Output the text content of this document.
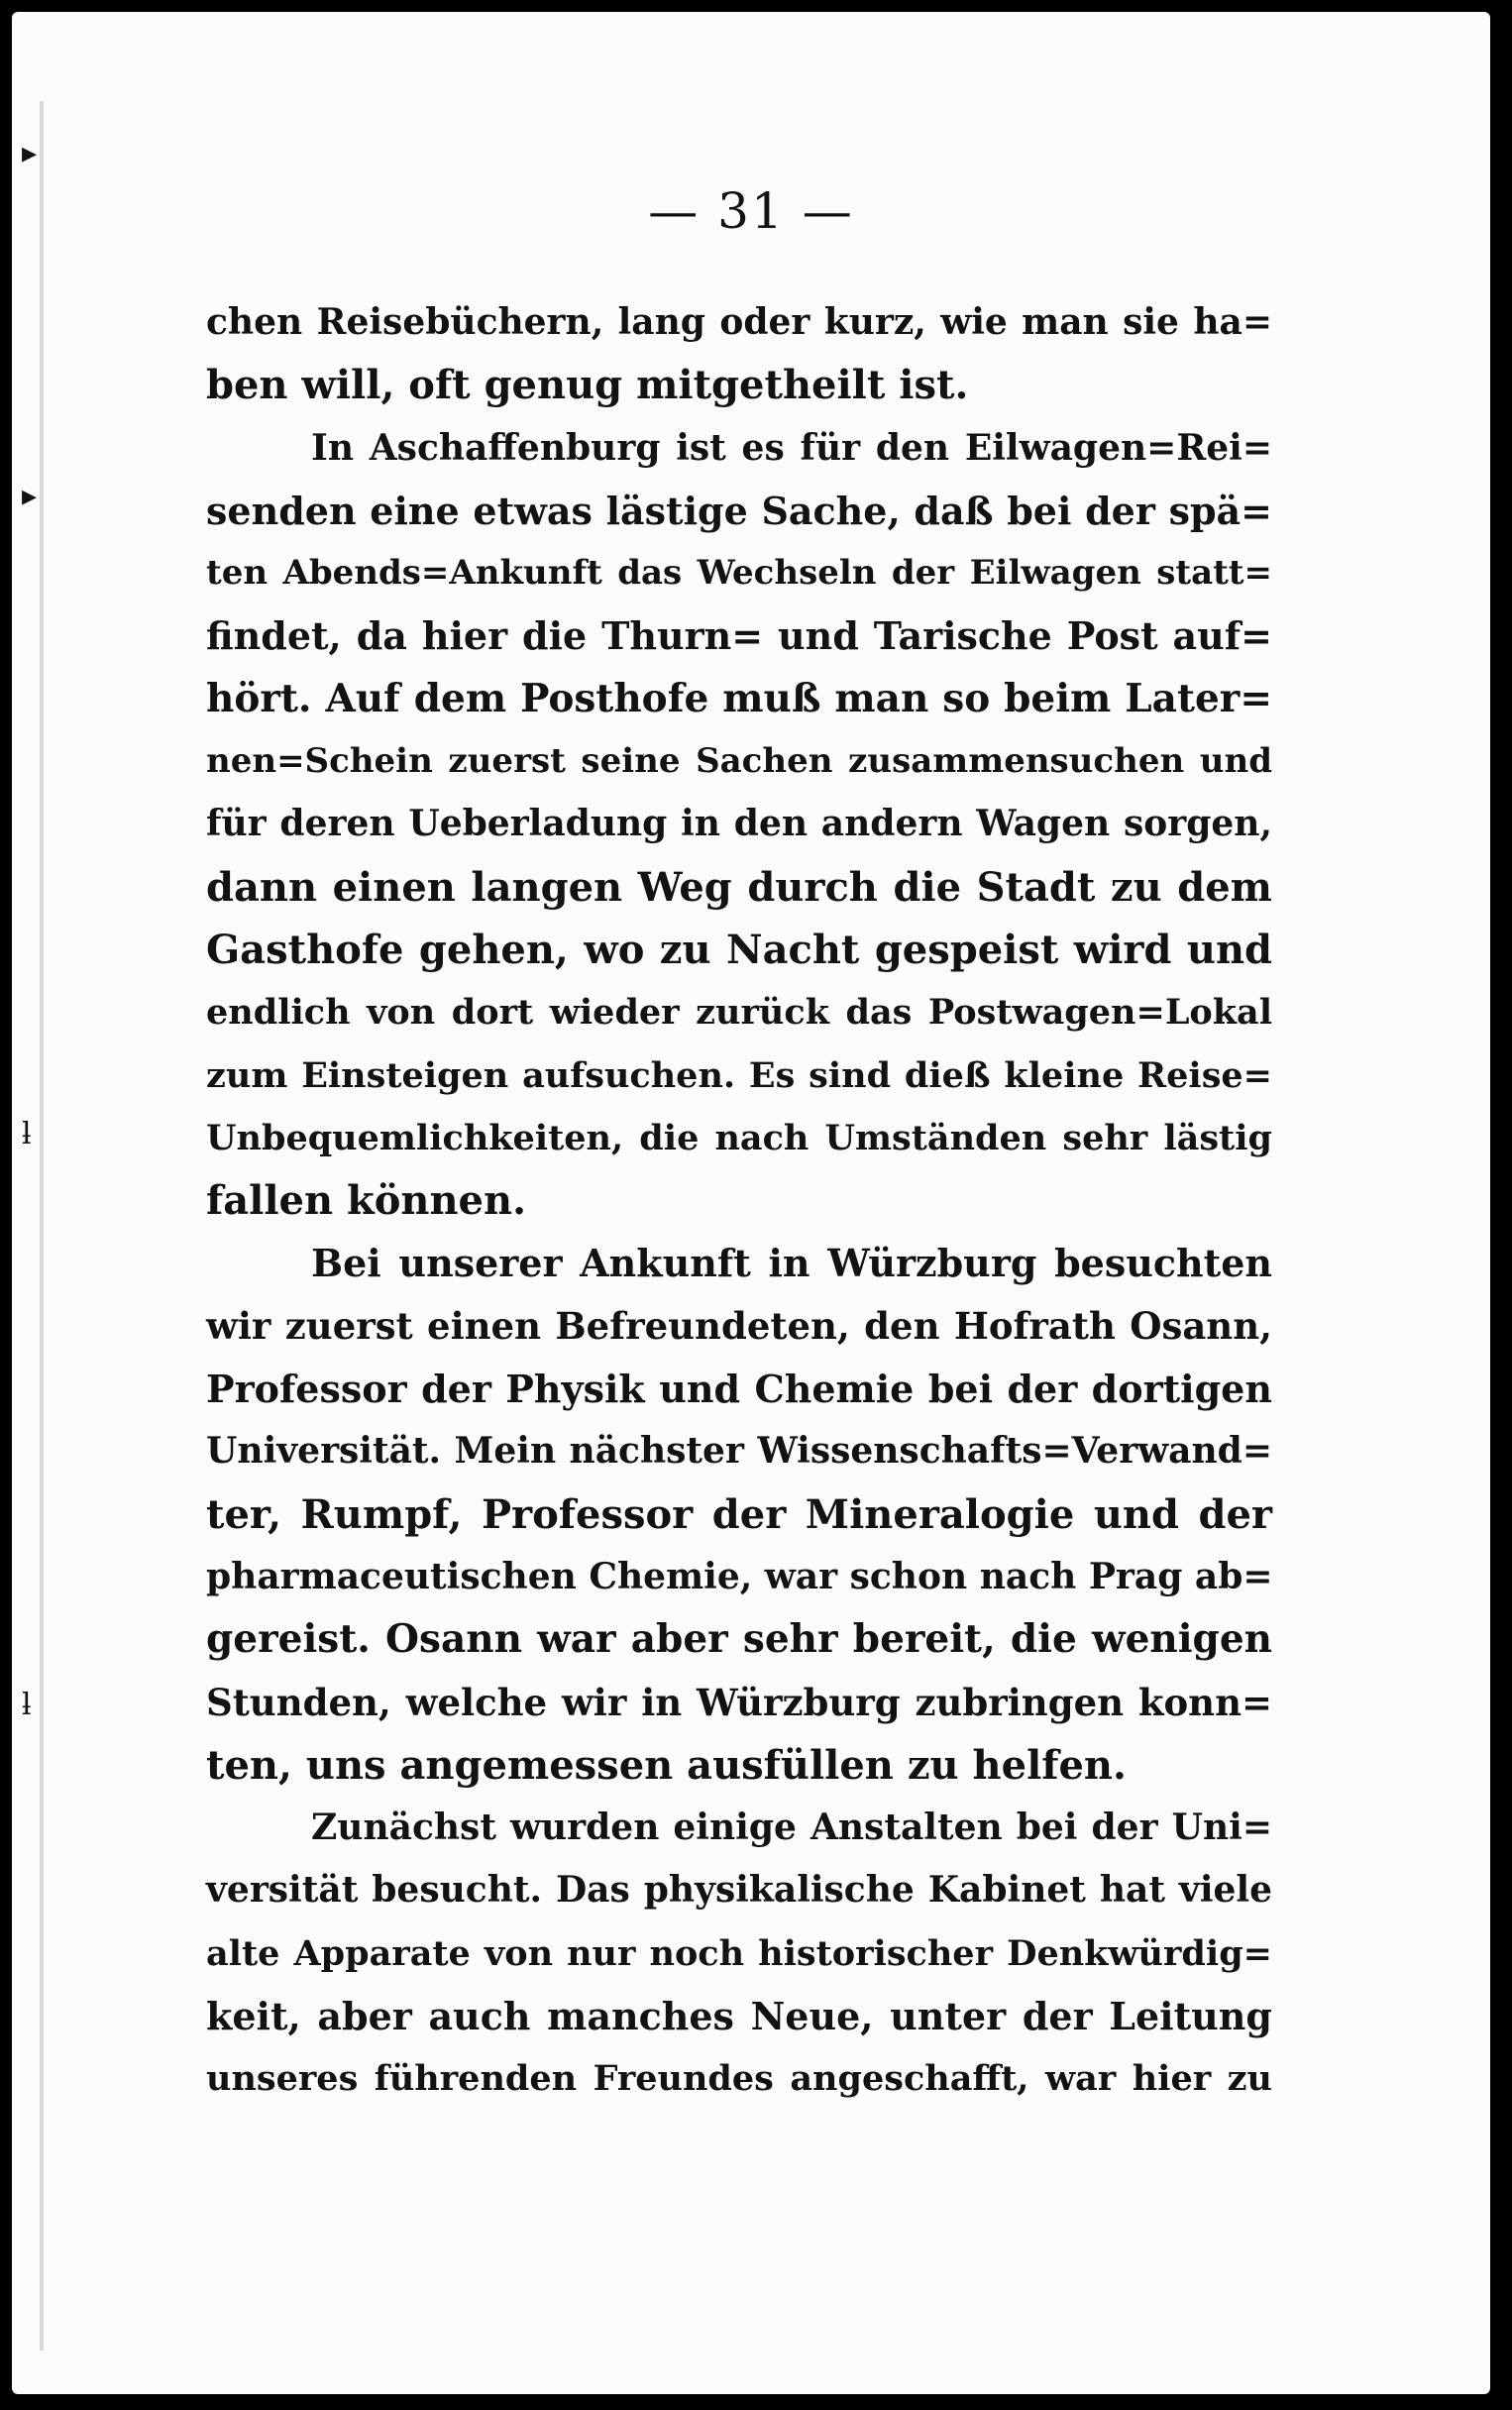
▸
▸
ƚ
ƚ
— 31 —
chen Reisebüchern, lang oder kurz, wie man sie ha=
ben will, oft genug mitgetheilt ist.
In Aschaffenburg ist es für den Eilwagen=Rei=
senden eine etwas lästige Sache, daß bei der spä=
ten Abends=Ankunft das Wechseln der Eilwagen statt=
findet, da hier die Thurn= und Tarische Post auf=
hört. Auf dem Posthofe muß man so beim Later=
nen=Schein zuerst seine Sachen zusammensuchen und
für deren Ueberladung in den andern Wagen sorgen,
dann einen langen Weg durch die Stadt zu dem
Gasthofe gehen, wo zu Nacht gespeist wird und
endlich von dort wieder zurück das Postwagen=Lokal
zum Einsteigen aufsuchen. Es sind dieß kleine Reise=
Unbequemlichkeiten, die nach Umständen sehr lästig
fallen können.
Bei unserer Ankunft in Würzburg besuchten
wir zuerst einen Befreundeten, den Hofrath Osann,
Professor der Physik und Chemie bei der dortigen
Universität. Mein nächster Wissenschafts=Verwand=
ter, Rumpf, Professor der Mineralogie und der
pharmaceutischen Chemie, war schon nach Prag ab=
gereist. Osann war aber sehr bereit, die wenigen
Stunden, welche wir in Würzburg zubringen konn=
ten, uns angemessen ausfüllen zu helfen.
Zunächst wurden einige Anstalten bei der Uni=
versität besucht. Das physikalische Kabinet hat viele
alte Apparate von nur noch historischer Denkwürdig=
keit, aber auch manches Neue, unter der Leitung
unseres führenden Freundes angeschafft, war hier zu
